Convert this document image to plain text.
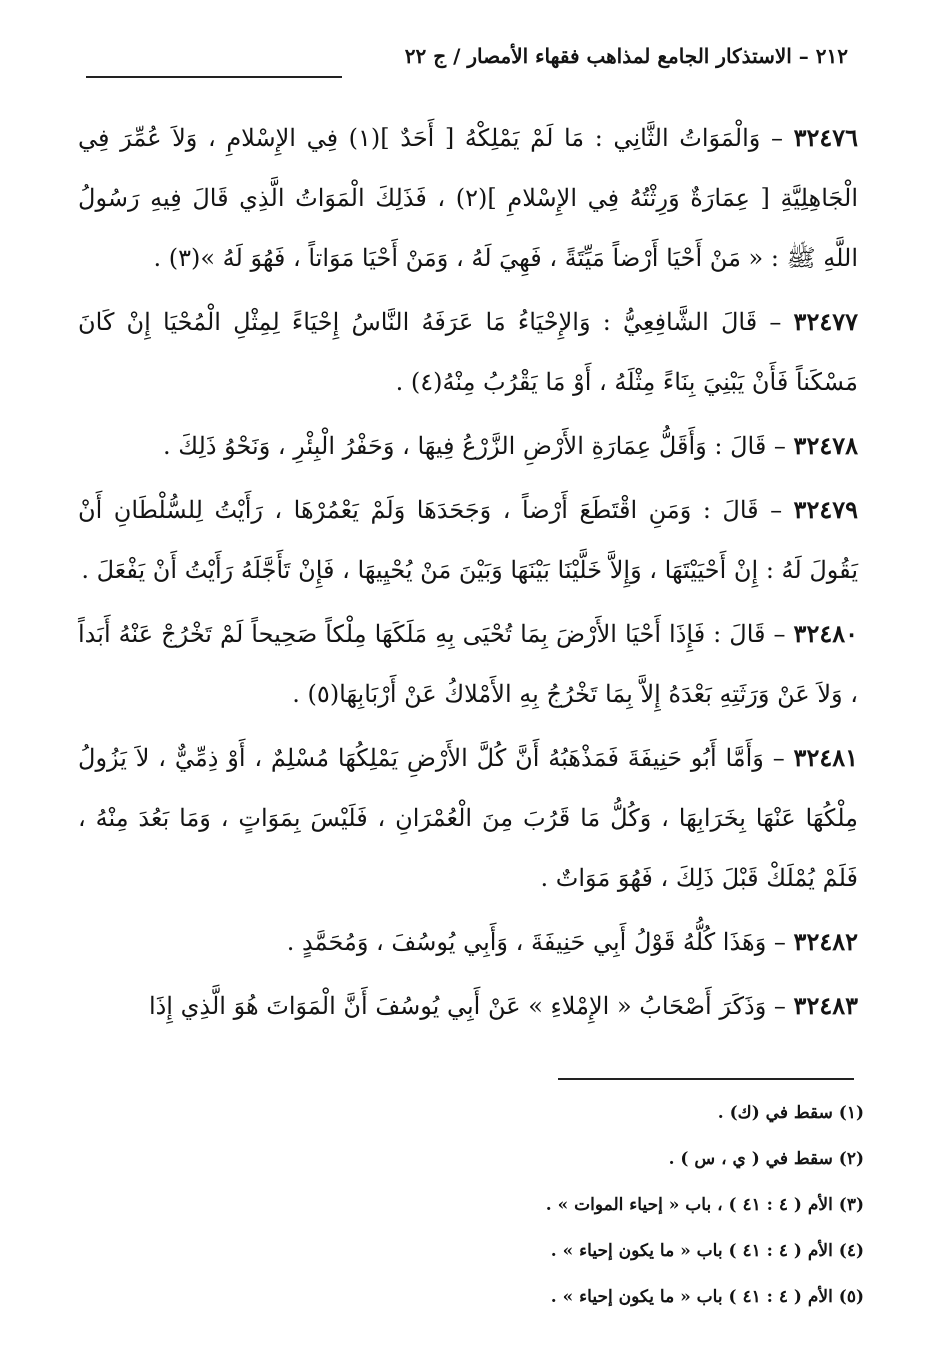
٢١٢ – الاستذكار الجامع لمذاهب فقهاء الأمصار / ج ٢٢

٣٢٤٧٦ – وَالْمَوَاتُ الثَّانِي : مَا لَمْ يَمْلِكْهُ [ أَحَدٌ ](١) فِي الإِسْلامِ ، وَلاَ عُمِّرَ فِي الْجَاهِلِيَّةِ [ عِمَارَةٌ وَرِثْتُهُ فِي الإِسْلامِ ](٢) ، فَذَلِكَ الْمَوَاتُ الَّذِي قَالَ فِيهِ رَسُولُ اللَّهِ ﷺ : « مَنْ أَحْيَا أَرْضاً مَيِّتَةً ، فَهِيَ لَهُ ، وَمَنْ أَحْيَا مَوَاتاً ، فَهُوَ لَهُ »(٣) .

٣٢٤٧٧ – قَالَ الشَّافِعِيُّ : وَالإِحْيَاءُ مَا عَرَفَهُ النَّاسُ إِحْيَاءً لِمِثْلِ الْمُحْيَا إِنْ كَانَ مَسْكَناً فَأَنْ يَبْنِيَ بِنَاءً مِثْلَهُ ، أَوْ مَا يَقْرُبُ مِنْهُ(٤) .

٣٢٤٧٨ – قَالَ : وَأَقَلُّ عِمَارَةِ الأَرْضِ الزَّرْعُ فِيهَا ، وَحَفْرُ الْبِئْرِ ، وَنَحْوُ ذَلِكَ .

٣٢٤٧٩ – قَالَ : وَمَنِ اقْتَطَعَ أَرْضاً ، وَجَحَدَهَا وَلَمْ يَعْمُرْهَا ، رَأَيْتُ لِلسُّلْطَانِ أَنْ يَقُولَ لَهُ : إِنْ أَحْيَيْتَهَا ، وَإِلاَّ خَلَّيْنَا بَيْنَهَا وَبَيْنَ مَنْ يُحْيِيهَا ، فَإِنْ تَأَجَّلَهُ رَأَيْتُ أَنْ يَفْعَلَ .

٣٢٤٨٠ – قَالَ : فَإِذَا أَحْيَا الأَرْضَ بِمَا تُحْيَى بِهِ مَلَكَهَا مِلْكاً صَحِيحاً لَمْ تَخْرُجْ عَنْهُ أَبَداً ، وَلاَ عَنْ وَرَثَتِهِ بَعْدَهُ إِلاَّ بِمَا تَخْرُجُ بِهِ الأَمْلاكُ عَنْ أَرْبَابِهَا(٥) .

٣٢٤٨١ – وَأَمَّا أَبُو حَنِيفَةَ فَمَذْهَبُهُ أَنَّ كُلَّ الأَرْضِ يَمْلِكُهَا مُسْلِمٌ ، أَوْ ذِمِّيٌّ ، لاَ يَزُولُ مِلْكُهَا عَنْهَا بِخَرَابِهَا ، وَكُلُّ مَا قَرُبَ مِنَ الْعُمْرَانِ ، فَلَيْسَ بِمَوَاتٍ ، وَمَا بَعُدَ مِنْهُ ، فَلَمْ يُمْلَكْ قَبْلَ ذَلِكَ ، فَهُوَ مَوَاتٌ .

٣٢٤٨٢ – وَهَذَا كُلُّهُ قَوْلُ أَبِي حَنِيفَةَ ، وَأَبِي يُوسُفَ ، وَمُحَمَّدٍ .

٣٢٤٨٣ – وَذَكَرَ أَصْحَابُ « الإِمْلاءِ » عَنْ أَبِي يُوسُفَ أَنَّ الْمَوَاتَ هُوَ الَّذِي إِذَا

(١) سقط في (ك) .
(٢) سقط في ( ي ، س ) .
(٣) الأم ( ٤ : ٤١ ) ، باب « إحياء الموات » .
(٤) الأم ( ٤ : ٤١ ) باب « ما يكون إحياء » .
(٥) الأم ( ٤ : ٤١ ) باب « ما يكون إحياء » .
